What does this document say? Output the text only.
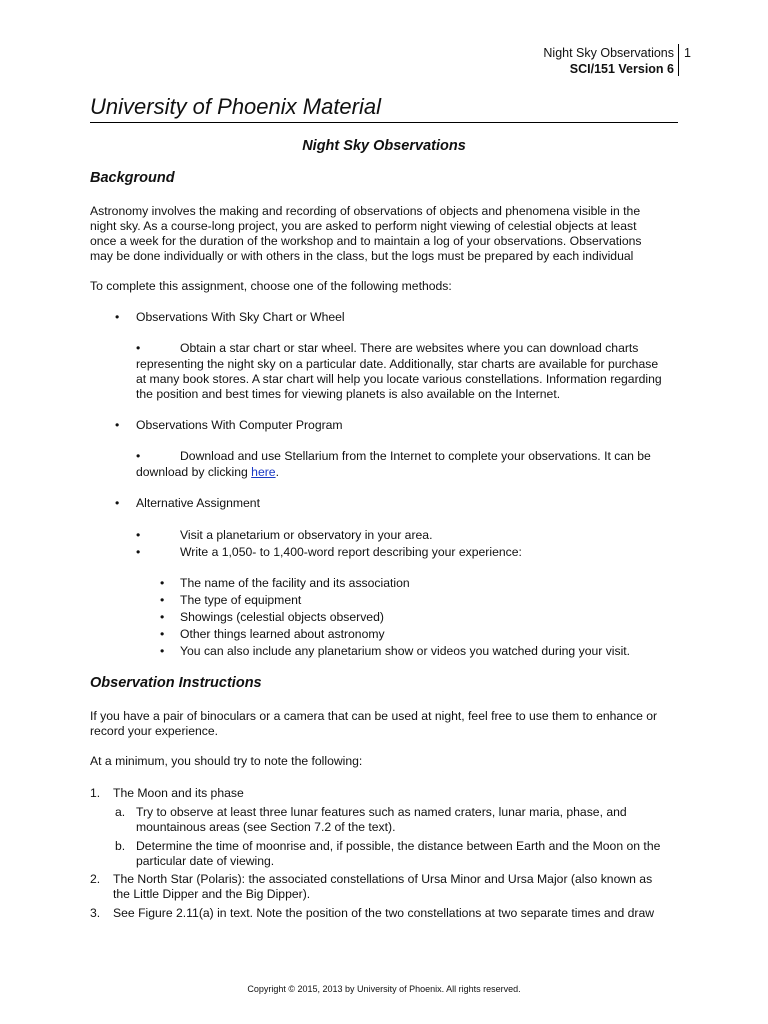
Night Sky Observations
SCI/151 Version 6
1
University of Phoenix Material
Night Sky Observations
Background
Astronomy involves the making and recording of observations of objects and phenomena visible in the
night sky. As a course-long project, you are asked to perform night viewing of celestial objects at least
once a week for the duration of the workshop and to maintain a log of your observations. Observations
may be done individually or with others in the class, but the logs must be prepared by each individual
To complete this assignment, choose one of the following methods:
• Observations With Sky Chart or Wheel
•	Obtain a star chart or star wheel. There are websites where you can download charts
representing the night sky on a particular date. Additionally, star charts are available for purchase
at many book stores. A star chart will help you locate various constellations. Information regarding
the position and best times for viewing planets is also available on the Internet.
• Observations With Computer Program
•	Download and use Stellarium from the Internet to complete your observations. It can be
download by clicking here.
• Alternative Assignment
•	Visit a planetarium or observatory in your area.
•	Write a 1,050- to 1,400-word report describing your experience:
• The name of the facility and its association
• The type of equipment
• Showings (celestial objects observed)
• Other things learned about astronomy
• You can also include any planetarium show or videos you watched during your visit.
Observation Instructions
If you have a pair of binoculars or a camera that can be used at night, feel free to use them to enhance or
record your experience.
At a minimum, you should try to note the following:
1. The Moon and its phase
a. Try to observe at least three lunar features such as named craters, lunar maria, phase, and
mountainous areas (see Section 7.2 of the text).
b. Determine the time of moonrise and, if possible, the distance between Earth and the Moon on the
particular date of viewing.
2. The North Star (Polaris): the associated constellations of Ursa Minor and Ursa Major (also known as
the Little Dipper and the Big Dipper).
3. See Figure 2.11(a) in text. Note the position of the two constellations at two separate times and draw
Copyright © 2015, 2013 by University of Phoenix. All rights reserved.
